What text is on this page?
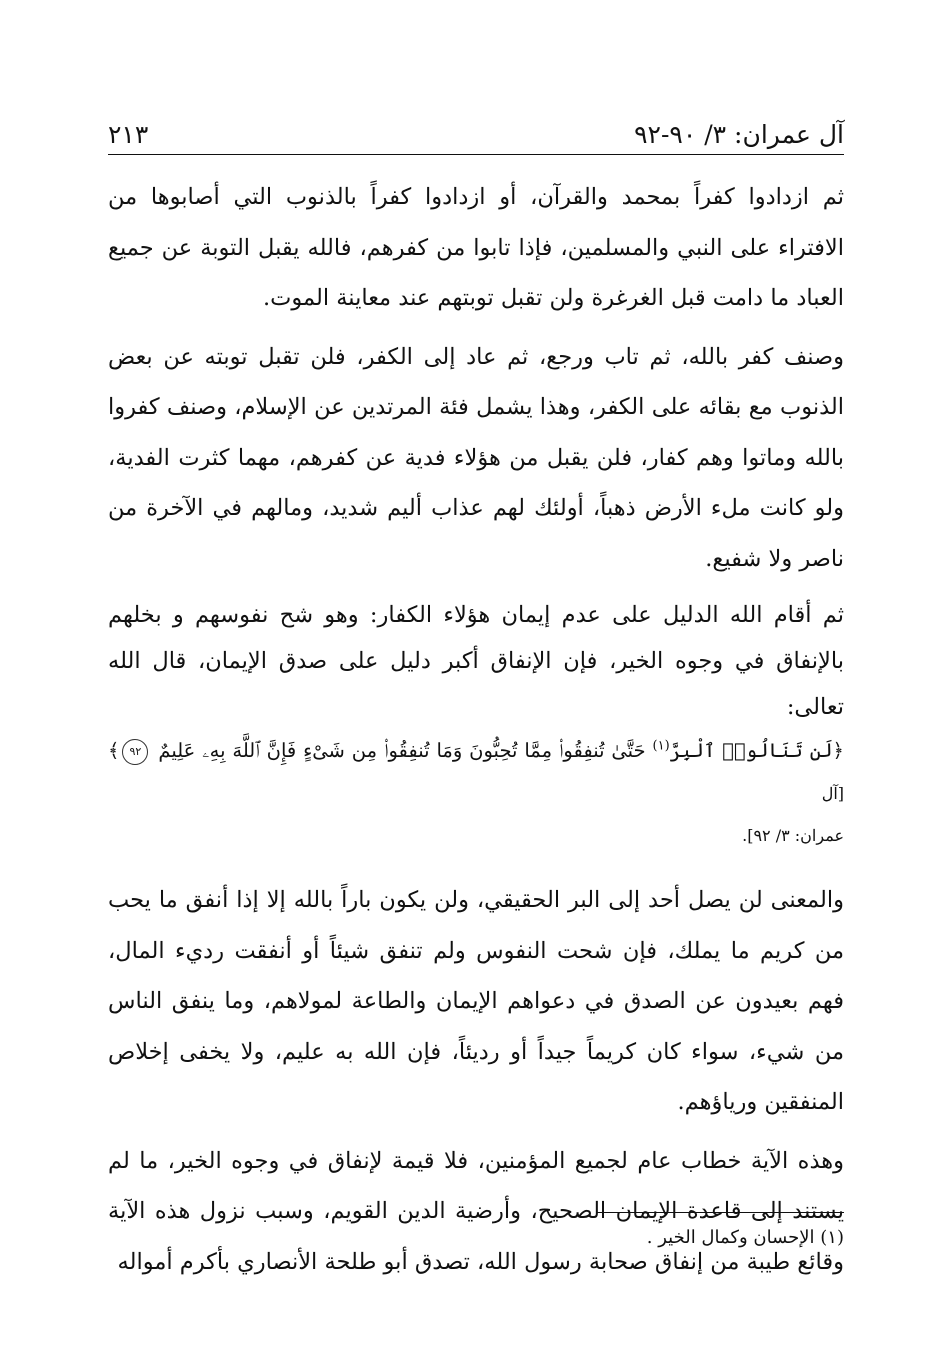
آل عمران: ٣/ ٩٠-٩٢
٢١٣
ثم ازدادوا كفراً بمحمد والقرآن، أو ازدادوا كفراً بالذنوب التي أصابوها من الافتراء على النبي والمسلمين، فإذا تابوا من كفرهم، فالله يقبل التوبة عن جميع العباد ما دامت قبل الغرغرة ولن تقبل توبتهم عند معاينة الموت.
وصنف كفر بالله، ثم تاب ورجع، ثم عاد إلى الكفر، فلن تقبل توبته عن بعض الذنوب مع بقائه على الكفر، وهذا يشمل فئة المرتدين عن الإسلام، وصنف كفروا بالله وماتوا وهم كفار، فلن يقبل من هؤلاء فدية عن كفرهم، مهما كثرت الفدية، ولو كانت ملء الأرض ذهباً، أولئك لهم عذاب أليم شديد، ومالهم في الآخرة من ناصر ولا شفيع.
ثم أقام الله الدليل على عدم إيمان هؤلاء الكفار: وهو شح نفوسهم و بخلهم بالإنفاق في وجوه الخير، فإن الإنفاق أكبر دليل على صدق الإيمان، قال الله تعالى:

﴿لَن تَنَالُوا۟ ٱلْبِرَّ$^{(١)}$ حَتَّىٰ تُنفِقُوا۟ مِمَّا تُحِبُّونَ وَمَا تُنفِقُوا۟ مِن شَىْءٍ فَإِنَّ ٱللَّهَ بِهِۦ عَلِيمٌ ٩٢﴾ [آل

عمران: ٣/ ٩٢].

والمعنى لن يصل أحد إلى البر الحقيقي، ولن يكون باراً بالله إلا إذا أنفق ما يحب من كريم ما يملك، فإن شحت النفوس ولم تنفق شيئاً أو أنفقت رديء المال، فهم بعيدون عن الصدق في دعواهم الإيمان والطاعة لمولاهم، وما ينفق الناس من شيء، سواء كان كريماً جيداً أو رديئاً، فإن الله به عليم، ولا يخفى إخلاص المنفقين ورياؤهم.
وهذه الآية خطاب عام لجميع المؤمنين، فلا قيمة لإنفاق في وجوه الخير، ما لم يستند إلى قاعدة الإيمان الصحيح، وأرضية الدين القويم، وسبب نزول هذه الآية وقائع طيبة من إنفاق صحابة رسول الله، تصدق أبو طلحة الأنصاري بأكرم أمواله
(١) الإحسان وكمال الخير .
